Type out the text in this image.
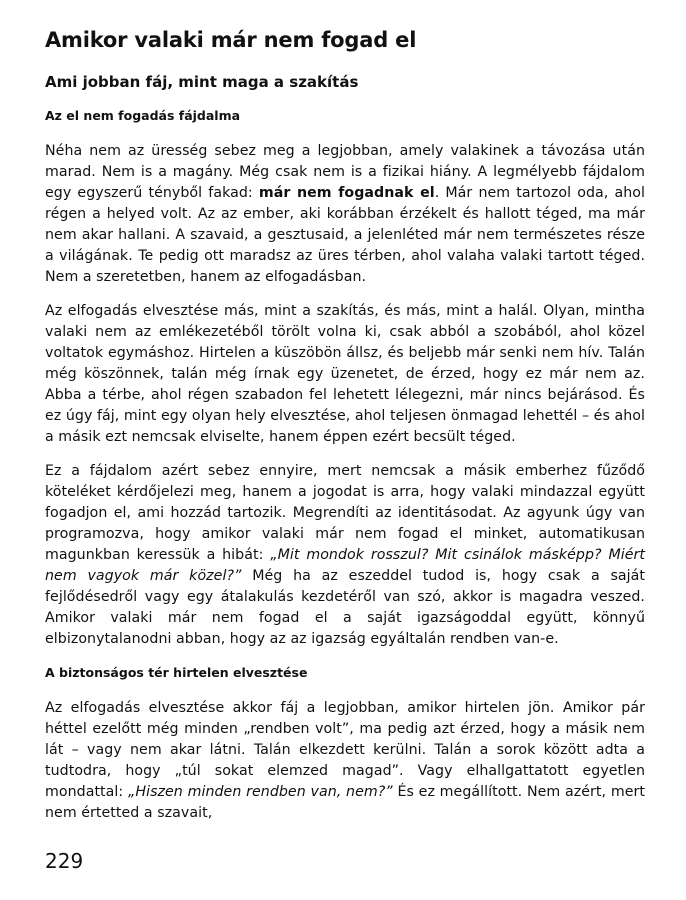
Amikor valaki már nem fogad el
Ami jobban fáj, mint maga a szakítás
Az el nem fogadás fájdalma

Néha nem az üresség sebez meg a legjobban, amely valakinek a távozása után marad. Nem is a magány. Még csak nem is a fizikai hiány. A legmélyebb fájdalom egy egyszerű tényből fakad: már nem fogadnak el. Már nem tartozol oda, ahol régen a helyed volt. Az az ember, aki korábban érzékelt és hallott téged, ma már nem akar hallani. A szavaid, a gesztusaid, a jelenléted már nem természetes része a világának. Te pedig ott maradsz az üres térben, ahol valaha valaki tartott téged. Nem a szeretetben, hanem az elfogadásban.

Az elfogadás elvesztése más, mint a szakítás, és más, mint a halál. Olyan, mintha valaki nem az emlékezetéből törölt volna ki, csak abból a szobából, ahol közel voltatok egymáshoz. Hirtelen a küszöbön állsz, és beljebb már senki nem hív. Talán még köszönnek, talán még írnak egy üzenetet, de érzed, hogy ez már nem az. Abba a térbe, ahol régen szabadon fel lehetett lélegezni, már nincs bejárásod. És ez úgy fáj, mint egy olyan hely elvesztése, ahol teljesen önmagad lehettél – és ahol a másik ezt nemcsak elviselte, hanem éppen ezért becsült téged.

Ez a fájdalom azért sebez ennyire, mert nemcsak a másik emberhez fűződő köteléket kérdőjelezi meg, hanem a jogodat is arra, hogy valaki mindazzal együtt fogadjon el, ami hozzád tartozik. Megrendíti az identitásodat. Az agyunk úgy van programozva, hogy amikor valaki már nem fogad el minket, automatikusan magunkban keressük a hibát: „Mit mondok rosszul? Mit csinálok másképp? Miért nem vagyok már közel?” Még ha az eszeddel tudod is, hogy csak a saját fejlődésedről vagy egy átalakulás kezdetéről van szó, akkor is magadra veszed. Amikor valaki már nem fogad el a saját igazságoddal együtt, könnyű elbizonytalanodni abban, hogy az az igazság egyáltalán rendben van-e.

A biztonságos tér hirtelen elvesztése

Az elfogadás elvesztése akkor fáj a legjobban, amikor hirtelen jön. Amikor pár héttel ezelőtt még minden „rendben volt”, ma pedig azt érzed, hogy a másik nem lát – vagy nem akar látni. Talán elkezdett kerülni. Talán a sorok között adta a tudtodra, hogy „túl sokat elemzed magad”. Vagy elhallgattatott egyetlen mondattal: „Hiszen minden rendben van, nem?” És ez megállított. Nem azért, mert nem értetted a szavait,

229
